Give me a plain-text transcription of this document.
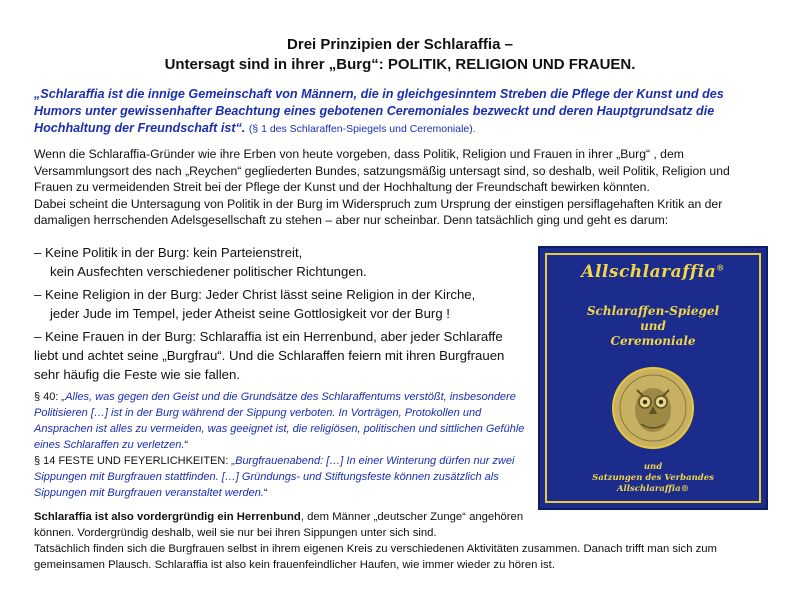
Drei Prinzipien der Schlaraffia –
Untersagt sind in ihrer „Burg“: POLITIK, RELIGION UND FRAUEN.
„Schlaraffia ist die innige Gemeinschaft von Männern, die in gleichgesinntem Streben die Pflege der Kunst und des Humors unter gewissenhafter Beachtung eines gebotenen Ceremoniales bezweckt und deren Hauptgrundsatz die Hochhaltung der Freundschaft ist“. (§ 1 des Schlaraffen-Spiegels und Ceremoniale).
Wenn die Schlaraffia-Gründer wie ihre Erben von heute vorgeben, dass Politik, Religion und Frauen in ihrer „Burg“ , dem Versammlungsort des nach „Reychen“ gegliederten Bundes, satzungsmäßig untersagt sind, so deshalb, weil Politik, Religion und Frauen zu vermeidenden Streit bei der Pflege der Kunst und der Hochhaltung der Freundschaft bewirken könnten.
Dabei scheint die Untersagung von Politik in der Burg im Widerspruch zum Ursprung der einstigen persiflagehaften Kritik an der damaligen herrschenden Adelsgesellschaft zu stehen – aber nur scheinbar. Denn tatsächlich ging und geht es darum:
– Keine Politik in der Burg: kein Parteienstreit,
kein Ausfechten verschiedener politischer Richtungen.
– Keine Religion in der Burg: Jeder Christ lässt seine Religion in der Kirche,
jeder Jude im Tempel, jeder Atheist seine Gottlosigkeit vor der Burg !
– Keine Frauen in der Burg: Schlaraffia ist ein Herrenbund, aber jeder Schlaraffe liebt und achtet seine „Burgfrau“. Und die Schlaraffen feiern mit ihren Burgfrauen sehr häufig die Feste wie sie fallen.
§ 40: „Alles, was gegen den Geist und die Grundsätze des Schlaraffentums verstößt, insbesondere Politisieren […] ist in der Burg während der Sippung verboten. In Vorträgen, Protokollen und Ansprachen ist alles zu vermeiden, was geeignet ist, die religiösen, politischen und sittlichen Gefühle eines Schlaraffen zu verletzen.“
§ 14 FESTE UND FEYERLICHKEITEN: „Burgfrauenabend: […] In einer Winterung dürfen nur zwei Sippungen mit Burgfrauen stattfinden. […] Gründungs- und Stiftungsfeste können zusätzlich als Sippungen mit Burgfrauen veranstaltet werden.“
Schlaraffia ist also vordergründig ein Herrenbund, dem Männer „deutscher Zunge“ angehören können. Vordergründig deshalb, weil sie nur bei ihren Sippungen unter sich sind.
Tatsächlich finden sich die Burgfrauen selbst in ihrem eigenen Kreis zu verschiedenen Aktivitäten zusammen. Danach trifft man sich zum gemeinsamen Plausch. Schlaraffia ist also kein frauenfeindlicher Haufen, wie immer wieder zu hören ist.
Allschlaraffia®
Schlaraffen-Spiegel
und
Ceremoniale
und
Satzungen des Verbandes
Allschlaraffia®
